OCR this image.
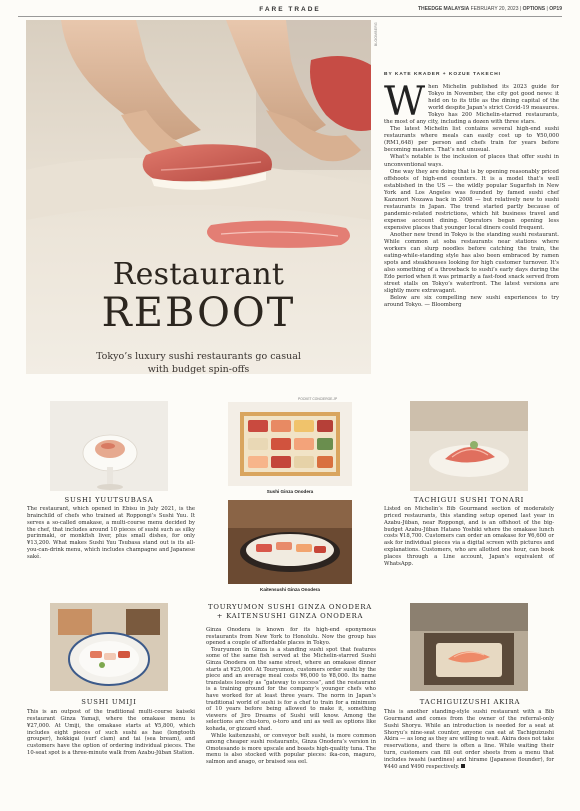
FARE TRADE	THEEDGE MALAYSIA FEBRUARY 20, 2023 | OPTIONS | OP19
Restaurant
REBOOT
Tokyo’s luxury sushi restaurants go casual
with budget spin-offs
BLOOMBERG
BY KATE KRADER + KOZUE TAKECHI

When Michelin published its 2023 guide for Tokyo in November, the city got good news: it held on to its title as the dining capital of the world despite Japan’s strict Covid-19 measures. Tokyo has 200 Michelin-starred restaurants, the most of any city, including a dozen with three stars.

The latest Michelin list contains several high-end sushi restaurants where meals can easily cost up to ¥50,000 (RM1,648) per person and chefs train for years before becoming masters. That’s not unusual.

What’s notable is the inclusion of places that offer sushi in unconventional ways.

One way they are doing that is by opening reasonably priced offshoots of high-end counters. It is a model that’s well established in the US — the wildly popular Sugarfish in New York and Los Angeles was founded by famed sushi chef Kazunori Nozawa back in 2008 — but relatively new to sushi restaurants in Japan. The trend started partly because of pandemic-related restrictions, which hit business travel and expense account dining. Operators began opening less expensive places that younger local diners could frequent.

Another new trend in Tokyo is the standing sushi restaurant. While common at soba restaurants near stations where workers can slurp noodles before catching the train, the eating-while-standing style has also been embraced by ramen spots and steakhouses looking for high customer turnover. It’s also something of a throwback to sushi’s early days during the Edo period when it was primarily a fast-food snack served from street stalls on Tokyo’s waterfront. The latest versions are slightly more extravagant.

Below are six compelling new sushi experiences to try around Tokyo. — Bloomberg

SUSHI YUUTSUBASA
The restaurant, which opened in Ebisu in July 2021, is the brainchild of chefs who trained at Roppongi’s Sushi Yuu. It serves a so-called omakase, a multi-course menu decided by the chef, that includes around 10 pieces of sushi such as silky purinmaki, or monkfish liver, plus small dishes, for only ¥13,200. What makes Sushi Yuu Tsubasa stand out is its all-you-can-drink menu, which includes champagne and Japanese saké.
POCKET CONCIERGE.JP
Sushi Ginza Onodera
Kaitensushi Ginza Onodera
TACHIGUI SUSHI TONARI
Listed on Michelin’s Bib Gourmand section of moderately priced restaurants, this standing setup opened last year in Azabu-Jūban, near Roppongi, and is an offshoot of the big-budget Azabu-Jūban Hatano Yoshiki where the omakase lunch costs ¥18,700. Customers can order an omakase for ¥6,600 or ask for individual pieces via a digital screen with pictures and explanations. Customers, who are allotted one hour, can book places through a Line account, Japan’s equivalent of WhatsApp.
SUSHI UMIJI
This is an outpost of the traditional multi-course kaiseki restaurant Ginza Yamaji, where the omakase menu is ¥27,000. At Umiji, the omakase starts at ¥5,800, which includes eight pieces of such sushi as hae (longtooth grouper), hokkigai (surf clam) and tai (sea bream), and customers have the option of ordering individual pieces. The 10-seat spot is a three-minute walk from Azabu-Jūban Station.
TOURYUMON SUSHI GINZA ONODERA
+ KAITENSUSHI GINZA ONODERA

Ginza Onodera is known for its high-end eponymous restaurants from New York to Honolulu. Now the group has opened a couple of affordable places in Tokyo.

Touryumon in Ginza is a standing sushi spot that features some of the same fish served at the Michelin-starred Sushi Ginza Onodera on the same street, where an omakase dinner starts at ¥25,000. At Touryumon, customers order sushi by the piece and an average meal costs ¥6,000 to ¥8,000. Its name translates loosely as “gateway to success”, and the restaurant is a training ground for the company’s younger chefs who have worked for at least three years. The norm in Japan’s traditional world of sushi is for a chef to train for a minimum of 10 years before being allowed to make it, something viewers of Jiro Dreams of Sushi will know. Among the selections are chu-toro, o-toro and uni as well as options like kohada, or gizzard shad.

While kaitenzushi, or conveyor belt sushi, is more common among cheaper sushi restaurants, Ginza Onodera’s version in Omotesando is more upscale and boasts high-quality tuna. The menu is also stocked with popular pieces: ika-con, maguro, salmon and anago, or braised sea eel.

TACHIGUIZUSHI AKIRA
This is another standing-style sushi restaurant with a Bib Gourmand and comes from the owner of the referral-only Sushi Shoryu. While an introduction is needed for a seat at Shoryu’s nine-seat counter, anyone can eat at Tachiguizushi Akira — as long as they are willing to wait. Akira does not take reservations, and there is often a line. While waiting their turn, customers can fill out order sheets from a menu that includes iwashi (sardines) and hirame (Japanese flounder), for ¥440 and ¥490 respectively.
